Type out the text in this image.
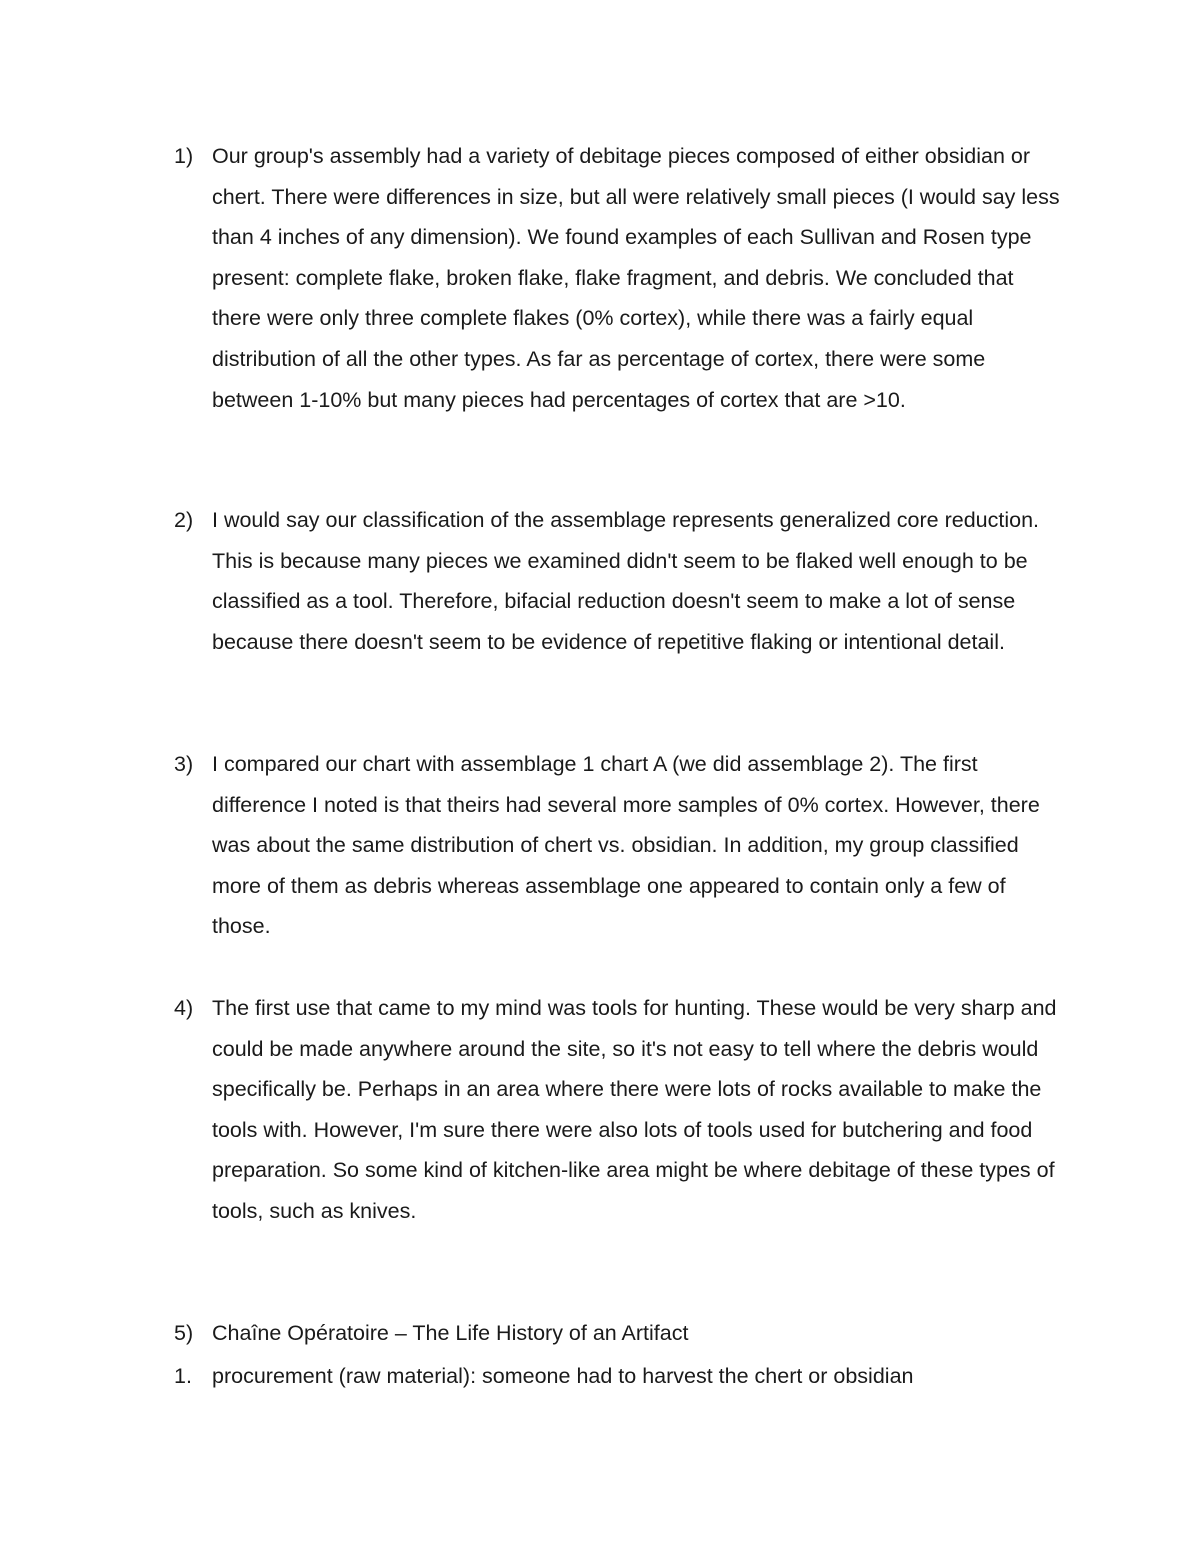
1) Our group's assembly had a variety of debitage pieces composed of either obsidian or chert. There were differences in size, but all were relatively small pieces (I would say less than 4 inches of any dimension). We found examples of each Sullivan and Rosen type present: complete flake, broken flake, flake fragment, and debris. We concluded that there were only three complete flakes (0% cortex), while there was a fairly equal distribution of all the other types. As far as percentage of cortex, there were some between 1-10% but many pieces had percentages of cortex that are >10.
2) I would say our classification of the assemblage represents generalized core reduction. This is because many pieces we examined didn't seem to be flaked well enough to be classified as a tool. Therefore, bifacial reduction doesn't seem to make a lot of sense because there doesn't seem to be evidence of repetitive flaking or intentional detail.
3) I compared our chart with assemblage 1 chart A (we did assemblage 2). The first difference I noted is that theirs had several more samples of 0% cortex. However, there was about the same distribution of chert vs. obsidian. In addition, my group classified more of them as debris whereas assemblage one appeared to contain only a few of those.
4) The first use that came to my mind was tools for hunting. These would be very sharp and could be made anywhere around the site, so it's not easy to tell where the debris would specifically be. Perhaps in an area where there were lots of rocks available to make the tools with. However, I'm sure there were also lots of tools used for butchering and food preparation. So some kind of kitchen-like area might be where debitage of these types of tools, such as knives.
5) Chaîne Opératoire – The Life History of an Artifact
1. procurement (raw material): someone had to harvest the chert or obsidian
